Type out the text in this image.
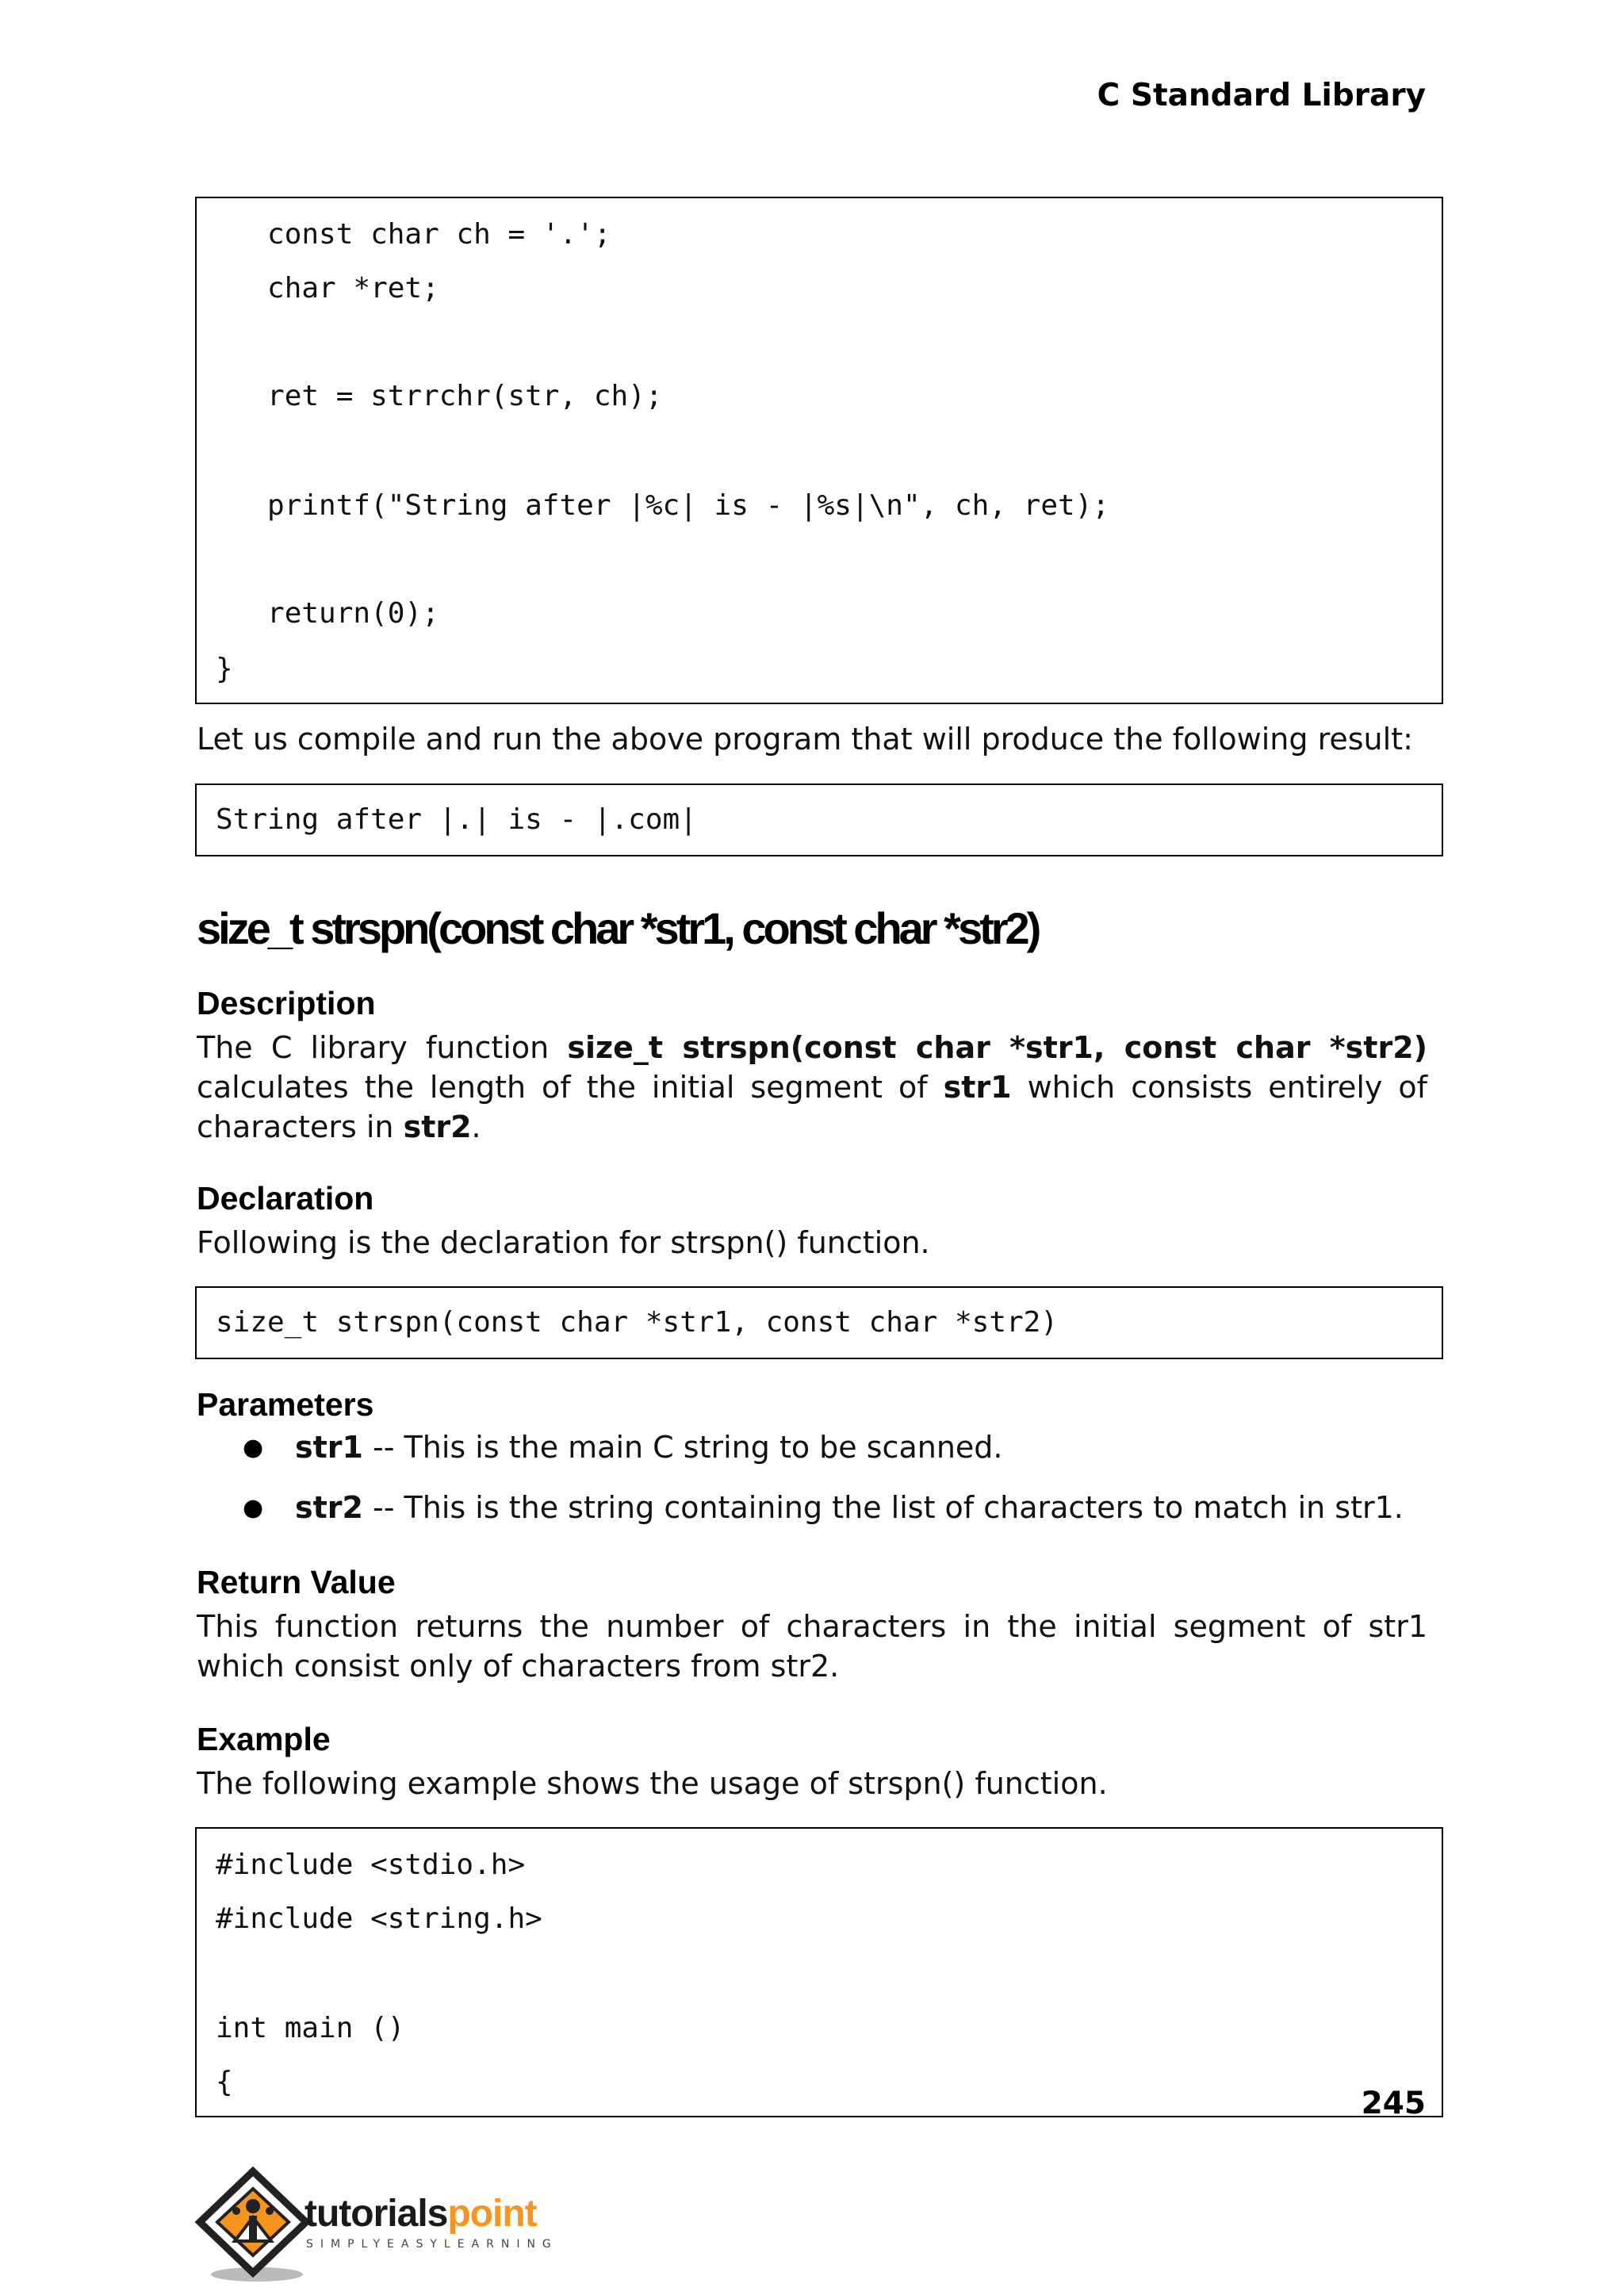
C Standard Library
const char ch = '.';
char *ret;
ret = strrchr(str, ch);
printf("String after |%c| is - |%s|\n", ch, ret);
return(0);
}
Let us compile and run the above program that will produce the following result:
String after |.| is - |.com|
size_t strspn(const char *str1, const char *str2)
Description
The C library function size_t strspn(const char *str1, const char *str2) calculates the length of the initial segment of str1 which consists entirely of characters in str2.
Declaration
Following is the declaration for strspn() function.
size_t strspn(const char *str1, const char *str2)
Parameters
● str1 -- This is the main C string to be scanned.
● str2 -- This is the string containing the list of characters to match in str1.
Return Value
This function returns the number of characters in the initial segment of str1 which consist only of characters from str2.
Example
The following example shows the usage of strspn() function.
#include <stdio.h>
#include <string.h>
int main ()
{
245
tutorialspoint
SIMPLYEASYLEARNING
